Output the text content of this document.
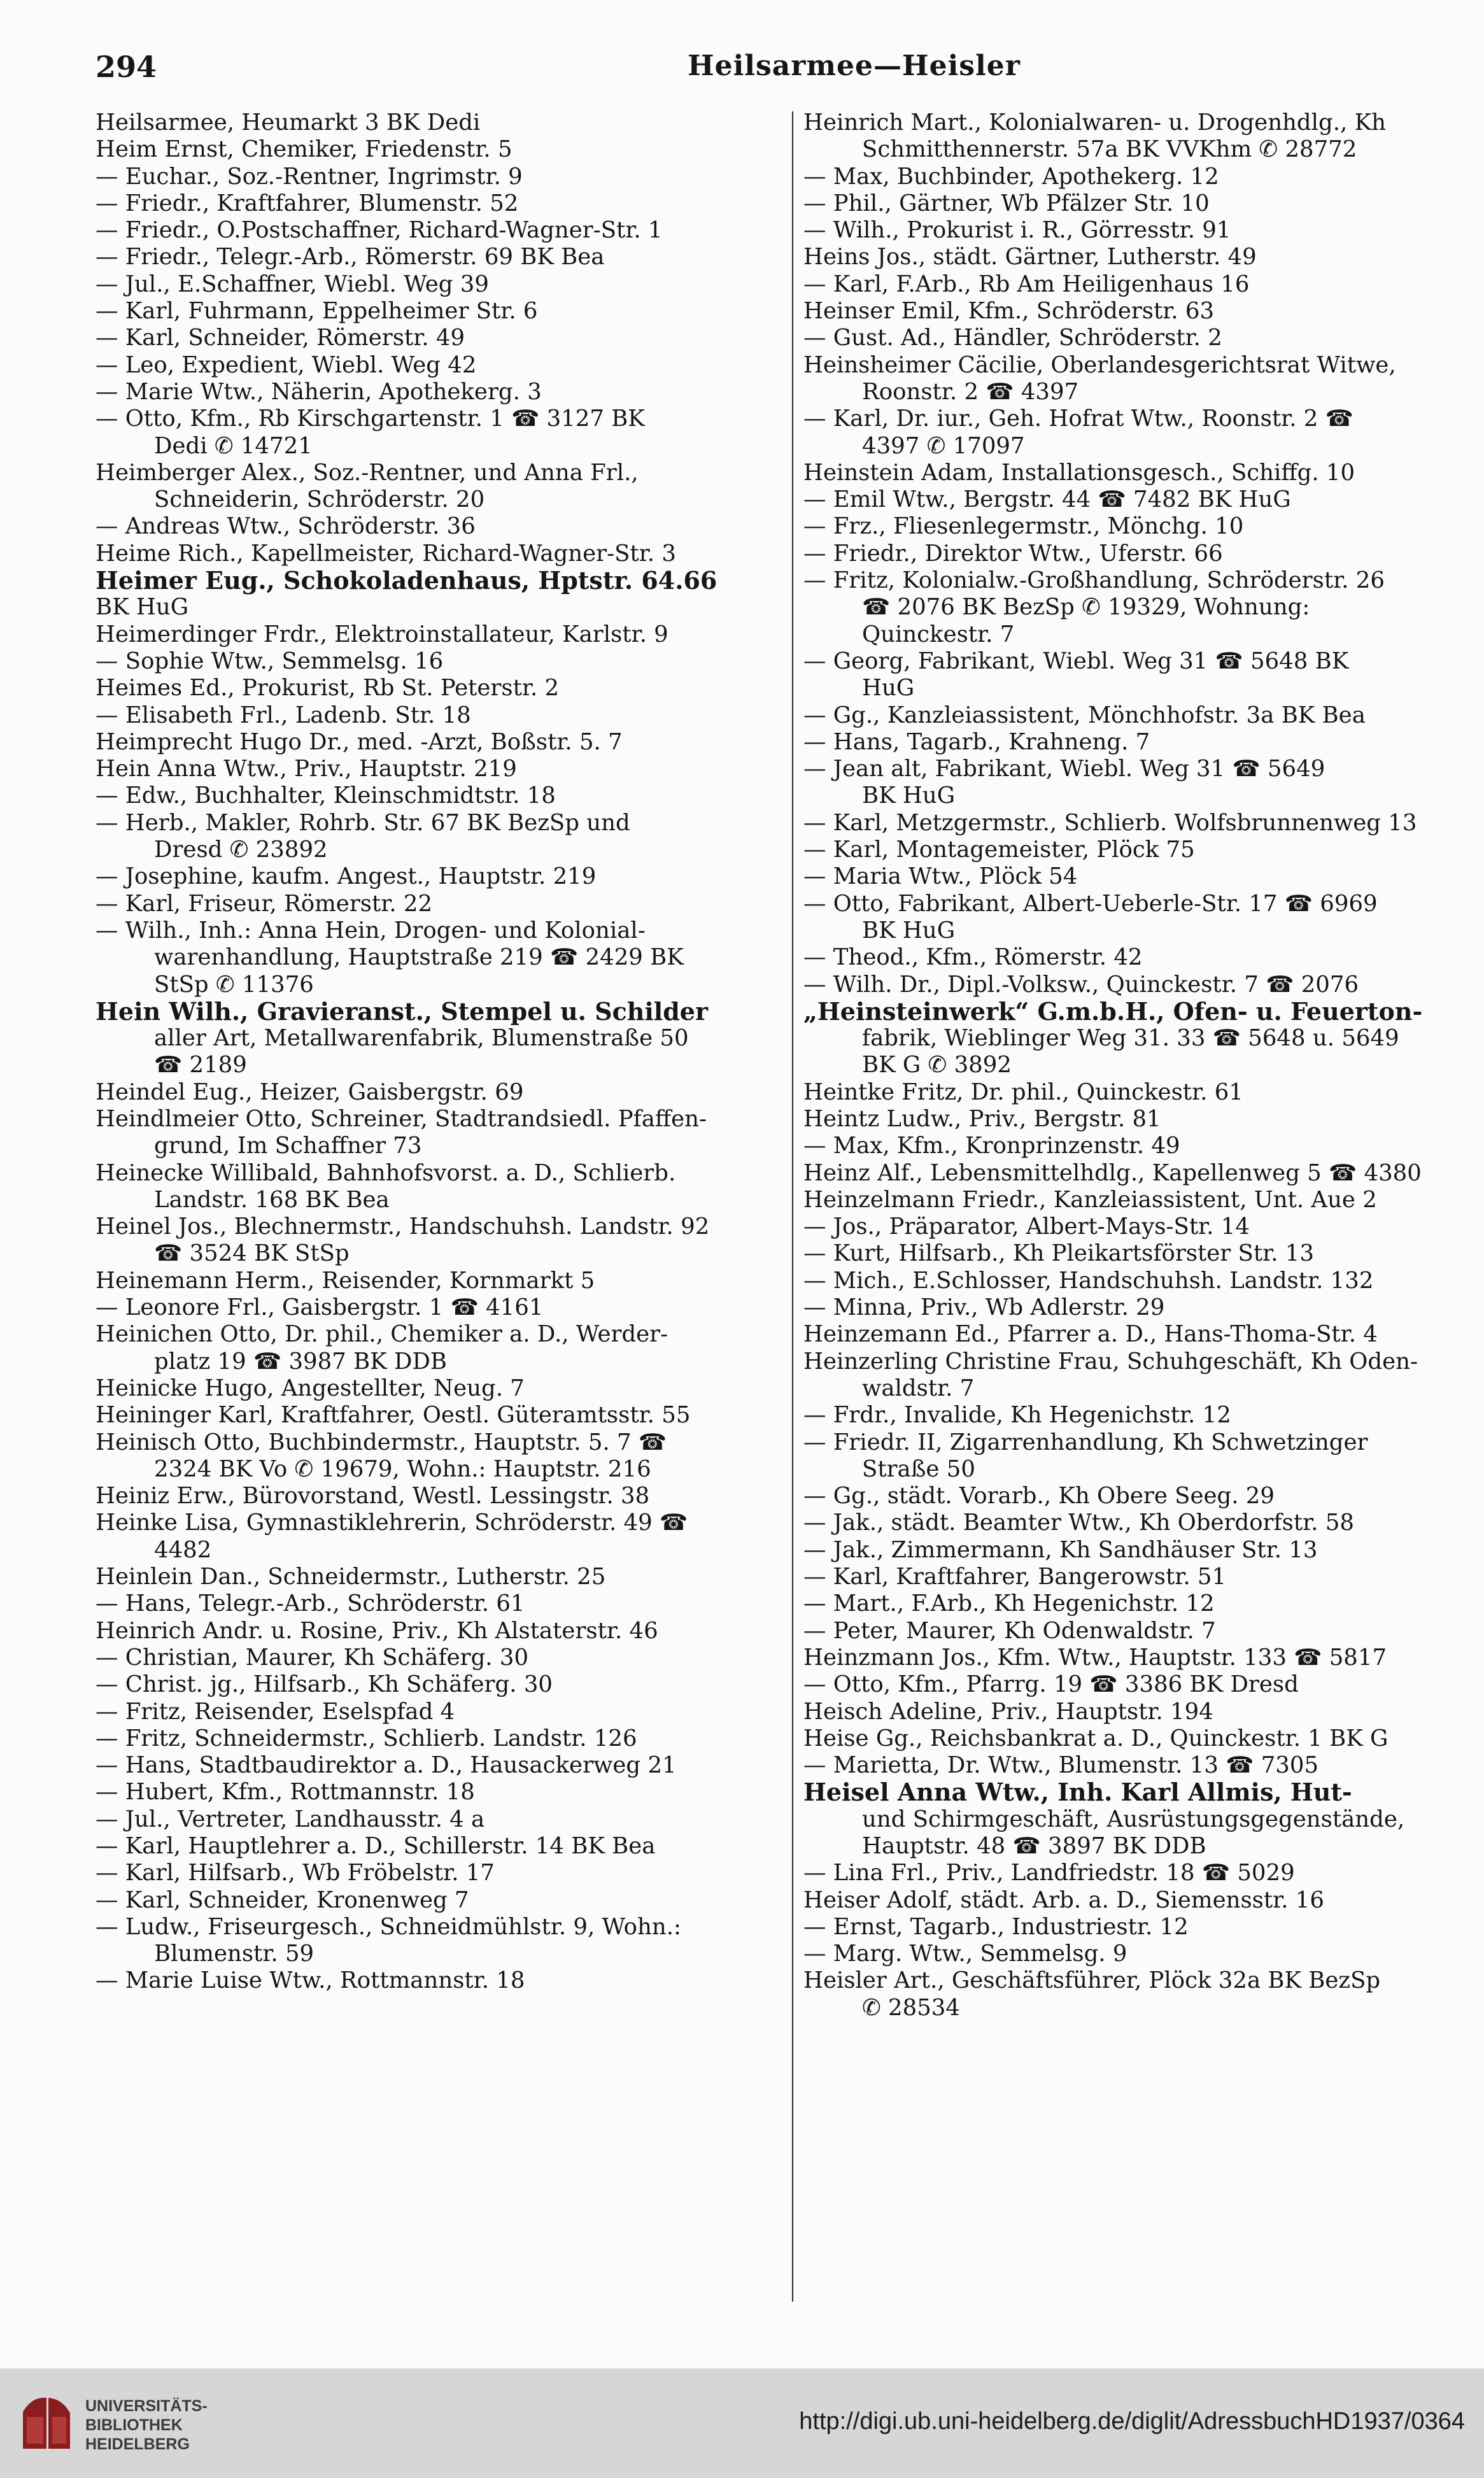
294	Heilsarmee—Heisler
Heilsarmee, Heumarkt 3 BK Dedi
Heim Ernst, Chemiker, Friedenstr. 5
— Euchar., Soz.-Rentner, Ingrimstr. 9
— Friedr., Kraftfahrer, Blumenstr. 52
— Friedr., O.Postschaffner, Richard-Wagner-Str. 1
— Friedr., Telegr.-Arb., Römerstr. 69 BK Bea
— Jul., E.Schaffner, Wiebl. Weg 39
— Karl, Fuhrmann, Eppelheimer Str. 6
— Karl, Schneider, Römerstr. 49
— Leo, Expedient, Wiebl. Weg 42
— Marie Wtw., Näherin, Apothekerg. 3
— Otto, Kfm., Rb Kirschgartenstr. 1 ☎ 3127 BK
Dedi ✆ 14721
Heimberger Alex., Soz.-Rentner, und Anna Frl.,
Schneiderin, Schröderstr. 20
— Andreas Wtw., Schröderstr. 36
Heime Rich., Kapellmeister, Richard-Wagner-Str. 3
Heimer Eug., Schokoladenhaus, Hptstr. 64.66
BK HuG
Heimerdinger Frdr., Elektroinstallateur, Karlstr. 9
— Sophie Wtw., Semmelsg. 16
Heimes Ed., Prokurist, Rb St. Peterstr. 2
— Elisabeth Frl., Ladenb. Str. 18
Heimprecht Hugo Dr., med. -Arzt, Boßstr. 5. 7
Hein Anna Wtw., Priv., Hauptstr. 219
— Edw., Buchhalter, Kleinschmidtstr. 18
— Herb., Makler, Rohrb. Str. 67 BK BezSp und
Dresd ✆ 23892
— Josephine, kaufm. Angest., Hauptstr. 219
— Karl, Friseur, Römerstr. 22
— Wilh., Inh.: Anna Hein, Drogen- und Kolonial-
warenhandlung, Hauptstraße 219 ☎ 2429 BK
StSp ✆ 11376
Hein Wilh., Gravieranst., Stempel u. Schilder
aller Art, Metallwarenfabrik, Blumenstraße 50
☎ 2189
Heindel Eug., Heizer, Gaisbergstr. 69
Heindlmeier Otto, Schreiner, Stadtrandsiedl. Pfaffen-
grund, Im Schaffner 73
Heinecke Willibald, Bahnhofsvorst. a. D., Schlierb.
Landstr. 168 BK Bea
Heinel Jos., Blechnermstr., Handschuhsh. Landstr. 92
☎ 3524 BK StSp
Heinemann Herm., Reisender, Kornmarkt 5
— Leonore Frl., Gaisbergstr. 1 ☎ 4161
Heinichen Otto, Dr. phil., Chemiker a. D., Werder-
platz 19 ☎ 3987 BK DDB
Heinicke Hugo, Angestellter, Neug. 7
Heininger Karl, Kraftfahrer, Oestl. Güteramtsstr. 55
Heinisch Otto, Buchbindermstr., Hauptstr. 5. 7 ☎
2324 BK Vo ✆ 19679, Wohn.: Hauptstr. 216
Heiniz Erw., Bürovorstand, Westl. Lessingstr. 38
Heinke Lisa, Gymnastiklehrerin, Schröderstr. 49 ☎
4482
Heinlein Dan., Schneidermstr., Lutherstr. 25
— Hans, Telegr.-Arb., Schröderstr. 61
Heinrich Andr. u. Rosine, Priv., Kh Alstaterstr. 46
— Christian, Maurer, Kh Schäferg. 30
— Christ. jg., Hilfsarb., Kh Schäferg. 30
— Fritz, Reisender, Eselspfad 4
— Fritz, Schneidermstr., Schlierb. Landstr. 126
— Hans, Stadtbaudirektor a. D., Hausackerweg 21
— Hubert, Kfm., Rottmannstr. 18
— Jul., Vertreter, Landhausstr. 4 a
— Karl, Hauptlehrer a. D., Schillerstr. 14 BK Bea
— Karl, Hilfsarb., Wb Fröbelstr. 17
— Karl, Schneider, Kronenweg 7
— Ludw., Friseurgesch., Schneidmühlstr. 9, Wohn.:
Blumenstr. 59
— Marie Luise Wtw., Rottmannstr. 18
Heinrich Mart., Kolonialwaren- u. Drogenhdlg., Kh
Schmitthennerstr. 57a BK VVKhm ✆ 28772
— Max, Buchbinder, Apothekerg. 12
— Phil., Gärtner, Wb Pfälzer Str. 10
— Wilh., Prokurist i. R., Görresstr. 91
Heins Jos., städt. Gärtner, Lutherstr. 49
— Karl, F.Arb., Rb Am Heiligenhaus 16
Heinser Emil, Kfm., Schröderstr. 63
— Gust. Ad., Händler, Schröderstr. 2
Heinsheimer Cäcilie, Oberlandesgerichtsrat Witwe,
Roonstr. 2 ☎ 4397
— Karl, Dr. iur., Geh. Hofrat Wtw., Roonstr. 2 ☎
4397 ✆ 17097
Heinstein Adam, Installationsgesch., Schiffg. 10
— Emil Wtw., Bergstr. 44 ☎ 7482 BK HuG
— Frz., Fliesenlegermstr., Mönchg. 10
— Friedr., Direktor Wtw., Uferstr. 66
— Fritz, Kolonialw.-Großhandlung, Schröderstr. 26
☎ 2076 BK BezSp ✆ 19329, Wohnung:
Quinckestr. 7
— Georg, Fabrikant, Wiebl. Weg 31 ☎ 5648 BK
HuG
— Gg., Kanzleiassistent, Mönchhofstr. 3a BK Bea
— Hans, Tagarb., Krahneng. 7
— Jean alt, Fabrikant, Wiebl. Weg 31 ☎ 5649
BK HuG
— Karl, Metzgermstr., Schlierb. Wolfsbrunnenweg 13
— Karl, Montagemeister, Plöck 75
— Maria Wtw., Plöck 54
— Otto, Fabrikant, Albert-Ueberle-Str. 17 ☎ 6969
BK HuG
— Theod., Kfm., Römerstr. 42
— Wilh. Dr., Dipl.-Volksw., Quinckestr. 7 ☎ 2076
„Heinsteinwerk“ G.m.b.H., Ofen- u. Feuerton-
fabrik, Wieblinger Weg 31. 33 ☎ 5648 u. 5649
BK G ✆ 3892
Heintke Fritz, Dr. phil., Quinckestr. 61
Heintz Ludw., Priv., Bergstr. 81
— Max, Kfm., Kronprinzenstr. 49
Heinz Alf., Lebensmittelhdlg., Kapellenweg 5 ☎ 4380
Heinzelmann Friedr., Kanzleiassistent, Unt. Aue 2
— Jos., Präparator, Albert-Mays-Str. 14
— Kurt, Hilfsarb., Kh Pleikartsförster Str. 13
— Mich., E.Schlosser, Handschuhsh. Landstr. 132
— Minna, Priv., Wb Adlerstr. 29
Heinzemann Ed., Pfarrer a. D., Hans-Thoma-Str. 4
Heinzerling Christine Frau, Schuhgeschäft, Kh Oden-
waldstr. 7
— Frdr., Invalide, Kh Hegenichstr. 12
— Friedr. II, Zigarrenhandlung, Kh Schwetzinger
Straße 50
— Gg., städt. Vorarb., Kh Obere Seeg. 29
— Jak., städt. Beamter Wtw., Kh Oberdorfstr. 58
— Jak., Zimmermann, Kh Sandhäuser Str. 13
— Karl, Kraftfahrer, Bangerowstr. 51
— Mart., F.Arb., Kh Hegenichstr. 12
— Peter, Maurer, Kh Odenwaldstr. 7
Heinzmann Jos., Kfm. Wtw., Hauptstr. 133 ☎ 5817
— Otto, Kfm., Pfarrg. 19 ☎ 3386 BK Dresd
Heisch Adeline, Priv., Hauptstr. 194
Heise Gg., Reichsbankrat a. D., Quinckestr. 1 BK G
— Marietta, Dr. Wtw., Blumenstr. 13 ☎ 7305
Heisel Anna Wtw., Inh. Karl Allmis, Hut-
und Schirmgeschäft, Ausrüstungsgegenstände,
Hauptstr. 48 ☎ 3897 BK DDB
— Lina Frl., Priv., Landfriedstr. 18 ☎ 5029
Heiser Adolf, städt. Arb. a. D., Siemensstr. 16
— Ernst, Tagarb., Industriestr. 12
— Marg. Wtw., Semmelsg. 9
Heisler Art., Geschäftsführer, Plöck 32a BK BezSp
✆ 28534
UNIVERSITÄTS-
BIBLIOTHEK
HEIDELBERG
http://digi.ub.uni-heidelberg.de/diglit/AdressbuchHD1937/0364
